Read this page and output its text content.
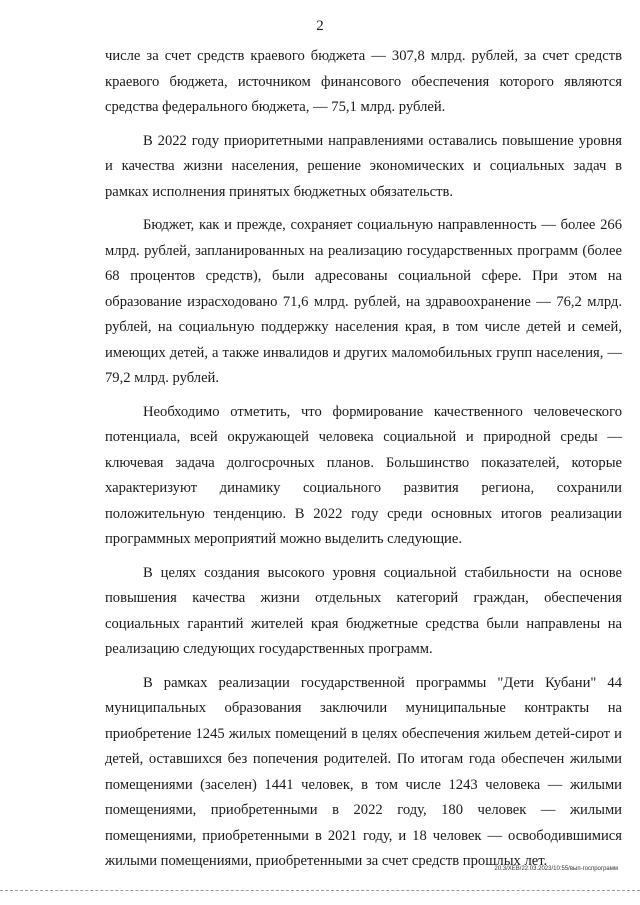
2

числе за счет средств краевого бюджета — 307,8 млрд. рублей, за счет средств краевого бюджета, источником финансового обеспечения которого являются средства федерального бюджета, — 75,1 млрд. рублей.

В 2022 году приоритетными направлениями оставались повышение уровня и качества жизни населения, решение экономических и социальных задач в рамках исполнения принятых бюджетных обязательств.

Бюджет, как и прежде, сохраняет социальную направленность — более 266 млрд. рублей, запланированных на реализацию государственных программ (более 68 процентов средств), были адресованы социальной сфере. При этом на образование израсходовано 71,6 млрд. рублей, на здравоохранение — 76,2 млрд. рублей, на социальную поддержку населения края, в том числе детей и семей, имеющих детей, а также инвалидов и других маломобильных групп населения, — 79,2 млрд. рублей.

Необходимо отметить, что формирование качественного человеческого потенциала, всей окружающей человека социальной и природной среды — ключевая задача долгосрочных планов. Большинство показателей, которые характеризуют динамику социального развития региона, сохранили положительную тенденцию. В 2022 году среди основных итогов реализации программных мероприятий можно выделить следующие.

В целях создания высокого уровня социальной стабильности на основе повышения качества жизни отдельных категорий граждан, обеспечения социальных гарантий жителей края бюджетные средства были направлены на реализацию следующих государственных программ.

В рамках реализации государственной программы "Дети Кубани" 44 муниципальных образования заключили муниципальные контракты на приобретение 1245 жилых помещений в целях обеспечения жильем детей-сирот и детей, оставшихся без попечения родителей. По итогам года обеспечен жилыми помещениями (заселен) 1441 человек, в том числе 1243 человека — жилыми помещениями, приобретенными в 2022 году, 180 человек — жилыми помещениями, приобретенными в 2021 году, и 18 человек — освободившимися жилыми помещениями, приобретенными за счет средств прошлых лет.

20.3/ХЕВ/22.03.2023/10:55/вып-госпрограмм
